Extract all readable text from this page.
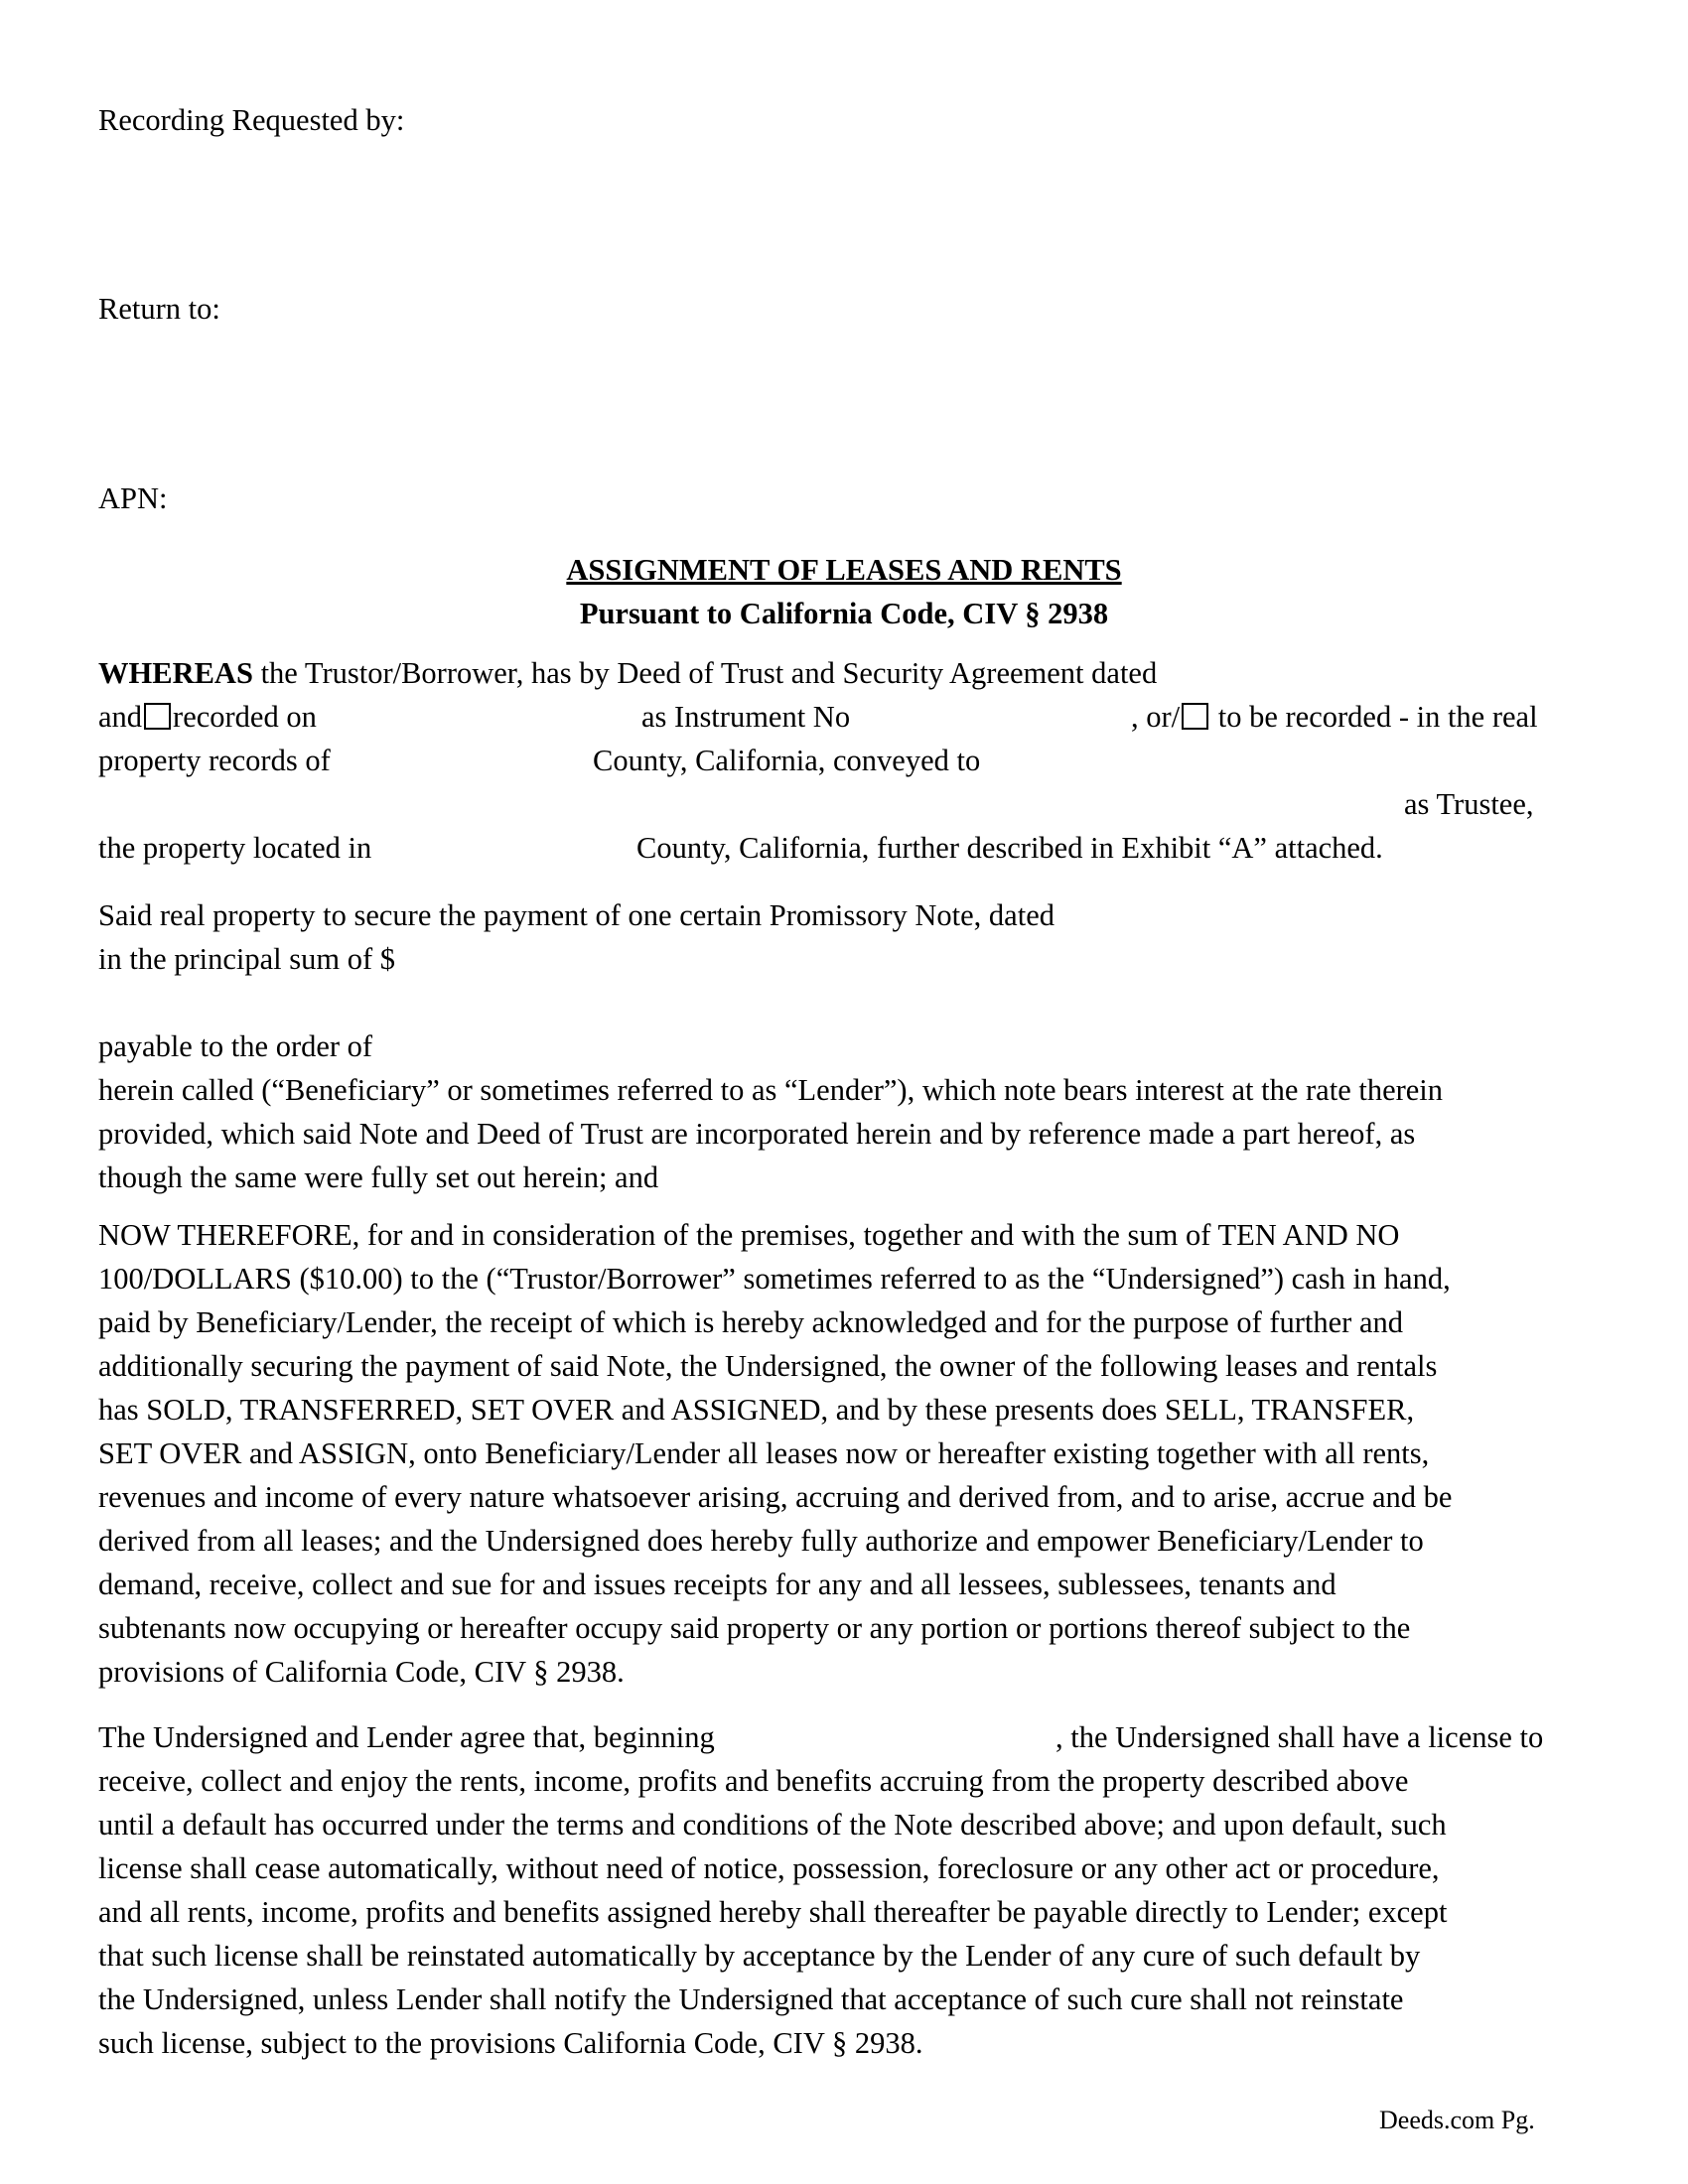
Recording Requested by:
Return to:
APN:
ASSIGNMENT OF LEASES AND RENTS
Pursuant to California Code, CIV § 2938
WHEREAS the Trustor/Borrower, has by Deed of Trust and Security Agreement dated
and recorded on	as Instrument No	, or/ to be recorded - in the real
property records of	County, California, conveyed to
as Trustee,
the property located in	County, California, further described in Exhibit “A” attached.
Said real property to secure the payment of one certain Promissory Note, dated
in the principal sum of $
payable to the order of
herein called (“Beneficiary” or sometimes referred to as “Lender”), which note bears interest at the rate therein
provided, which said Note and Deed of Trust are incorporated herein and by reference made a part hereof, as
though the same were fully set out herein; and
NOW THEREFORE, for and in consideration of the premises, together and with the sum of TEN AND NO
100/DOLLARS ($10.00) to the (“Trustor/Borrower” sometimes referred to as the “Undersigned”) cash in hand,
paid by Beneficiary/Lender, the receipt of which is hereby acknowledged and for the purpose of further and
additionally securing the payment of said Note, the Undersigned, the owner of the following leases and rentals
has SOLD, TRANSFERRED, SET OVER and ASSIGNED, and by these presents does SELL, TRANSFER,
SET OVER and ASSIGN, onto Beneficiary/Lender all leases now or hereafter existing together with all rents,
revenues and income of every nature whatsoever arising, accruing and derived from, and to arise, accrue and be
derived from all leases; and the Undersigned does hereby fully authorize and empower Beneficiary/Lender to
demand, receive, collect and sue for and issues receipts for any and all lessees, sublessees, tenants and
subtenants now occupying or hereafter occupy said property or any portion or portions thereof subject to the
provisions of California Code, CIV § 2938.
The Undersigned and Lender agree that, beginning	, the Undersigned shall have a license to
receive, collect and enjoy the rents, income, profits and benefits accruing from the property described above
until a default has occurred under the terms and conditions of the Note described above; and upon default, such
license shall cease automatically, without need of notice, possession, foreclosure or any other act or procedure,
and all rents, income, profits and benefits assigned hereby shall thereafter be payable directly to Lender; except
that such license shall be reinstated automatically by acceptance by the Lender of any cure of such default by
the Undersigned, unless Lender shall notify the Undersigned that acceptance of such cure shall not reinstate
such license, subject to the provisions California Code, CIV § 2938.
Deeds.com Pg.
